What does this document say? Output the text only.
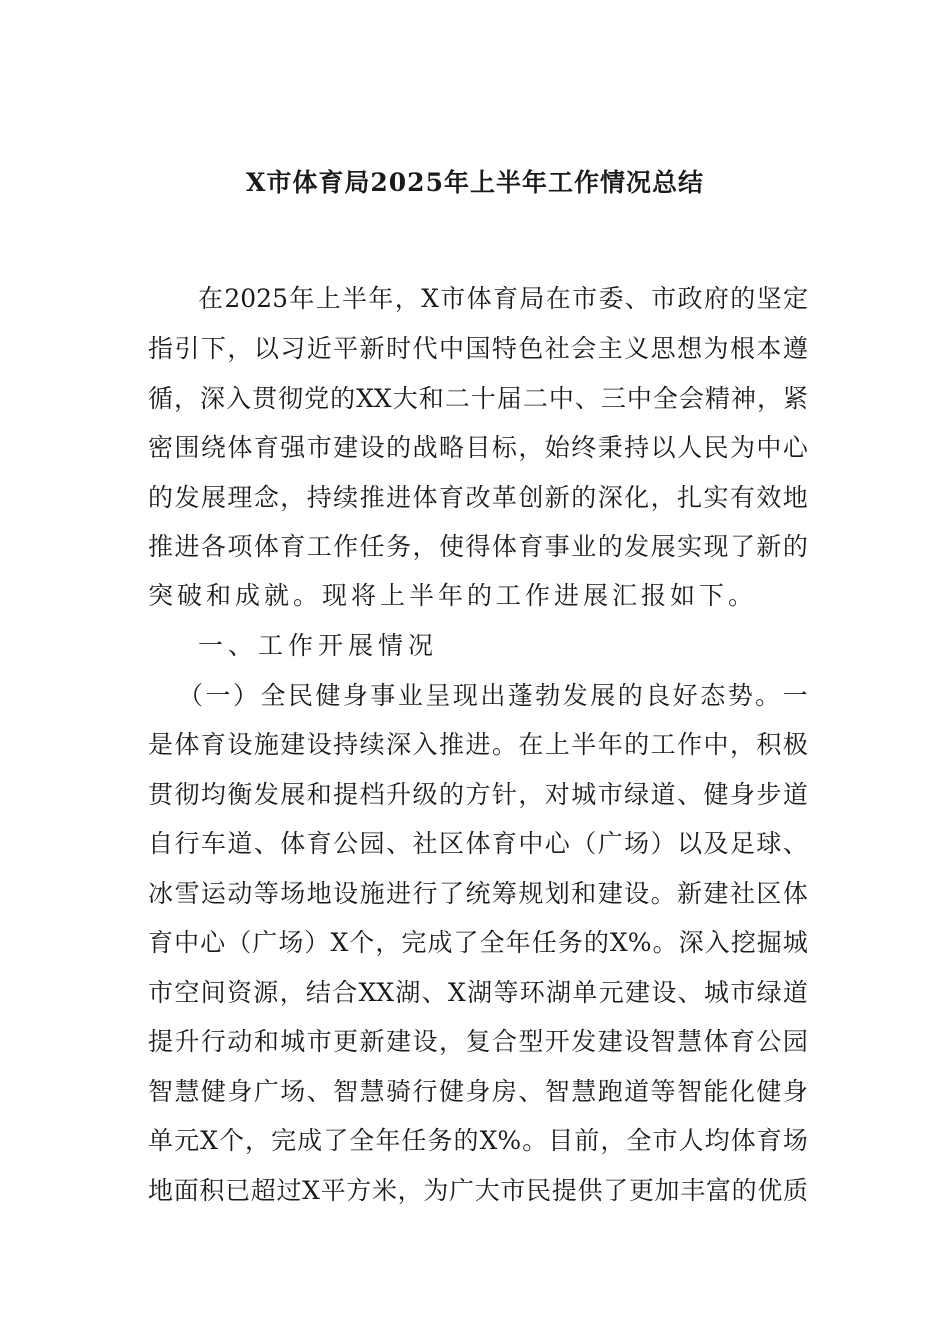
X市体育局2025年上半年工作情况总结
在 2025 年 上 半 年 ， X 市 体 育 局 在 市 委 、 市 政 府 的 坚 定
指 引 下 ， 以 习 近 平 新 时 代 中 国 特 色 社 会 主 义 思 想 为 根 本 遵
循 ， 深 入 贯 彻 党 的 XX 大 和 二 十 届 二 中 、 三 中 全 会 精 神 ， 紧
密 围 绕 体 育 强 市 建 设 的 战 略 目 标 ， 始 终 秉 持 以 人 民 为 中 心
的 发 展 理 念 ， 持 续 推 进 体 育 改 革 创 新 的 深 化 ， 扎 实 有 效 地
推 进 各 项 体 育 工 作 任 务 ， 使 得 体 育 事 业 的 发 展 实 现 了 新 的
突破和成就。现将上半年的工作进展汇报如下。
一、工作开展情况
（ 一 ） 全 民 健 身 事 业 呈 现 出 蓬 勃 发 展 的 良 好 态 势 。 一
是 体 育 设 施 建 设 持 续 深 入 推 进 。 在 上 半 年 的 工 作 中 ， 积 极
贯 彻 均 衡 发 展 和 提 档 升 级 的 方 针 ， 对 城 市 绿 道 、 健 身 步 道
自 行 车 道 、 体 育 公 园 、 社 区 体 育 中 心 （ 广 场 ） 以 及 足 球 、
冰 雪 运 动 等 场 地 设 施 进 行 了 统 筹 规 划 和 建 设 。 新 建 社 区 体
育 中 心 （ 广 场 ） X 个 ， 完 成 了 全 年 任 务 的 X% 。 深 入 挖 掘 城
市 空 间 资 源 ， 结 合 XX 湖 、 X 湖 等 环 湖 单 元 建 设 、 城 市 绿 道
提 升 行 动 和 城 市 更 新 建 设 ， 复 合 型 开 发 建 设 智 慧 体 育 公 园
智 慧 健 身 广 场 、 智 慧 骑 行 健 身 房 、 智 慧 跑 道 等 智 能 化 健 身
单 元 X 个 ， 完 成 了 全 年 任 务 的 X% 。 目 前 ， 全 市 人 均 体 育 场
地 面 积 已 超 过 X 平 方 米 ， 为 广 大 市 民 提 供 了 更 加 丰 富 的 优 质
